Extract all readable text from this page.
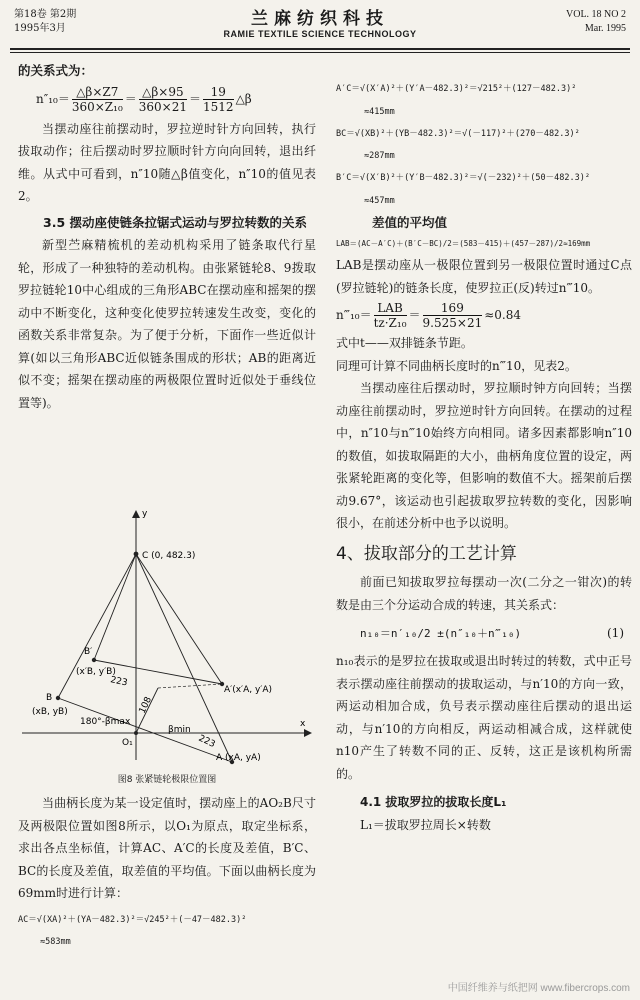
第18卷 第2期
1995年3月	兰麻纺织科技
RAMIE TEXTILE SCIENCE TECHNOLOGY
VOL. 18 NO 2
Mar. 1995

的关系式为：

$n''_{10}= \frac{\triangle\beta\times Z7}{\text{360×Z₁₀}} = \frac{\triangle\beta\times 95}{360\times 21} = \frac{19}{1512}$ △β

当摆动座往前摆动时，罗拉逆时针方向回转，执行拔取动作；往后摆动时罗拉顺时针方向向回转，退出纤维。从式中可看到，n″10随△β值变化，n″10的值见表2。

3.5 摆动座使链条拉锯式运动与罗拉转数的关系

新型苎麻精梳机的差动机构采用了链条取代行星轮，形成了一种独特的差动机构。由张紧链轮8、9拨取罗拉链轮10中心组成的三角形ABC在摆动座和摇架的摆动中不断变化，这种变化使罗拉转速发生改变，变化的函数关系非常复杂。为了便于分析，下面作一些近似计算(如以三角形ABC近似链条围成的形状；AB的距离近似不变；摇架在摆动座的两极限位置时近似处于垂线位置等)。

y
x
C (0, 482.3)
B′
(x′B, y′B)
B
(xB, yB)
A′(x′A, y′A)
A (xA, yA)
O₁
180°-βmax
βmin
108
223
223
图8 张紧链轮极限位置图

当曲柄长度为某一设定值时，摆动座上的AO₂B尺寸及两极限位置如图8所示，以O₁为原点，取定坐标系，求出各点坐标值，计算AC、A′C的长度及差值，B′C、BC的长度及差值，取差值的平均值。下面以曲柄长度为69mm时进行计算：

AC＝√(XA)²＋(YA－482.3)²＝√245²＋(－47－482.3)²
≈583mm
A′C＝√(X′A)²＋(Y′A－482.3)²＝√215²＋(127－482.3)²
≈415mm
BC＝√(XB)²＋(YB－482.3)²＝√(－117)²＋(270－482.3)²
≈287mm
B′C＝√(X′B)²＋(Y′B－482.3)²＝√(－232)²＋(50－482.3)²
≈457mm

差值的平均值

LAB＝(AC－A′C)＋(B′C－BC)/2＝(583－415)＋(457－287)/2≈169mm

LAB是摆动座从一极限位置到另一极限位置时通过C点(罗拉链轮)的链条长度，使罗拉正(反)转过n‴10。

n‴₁₀＝ $\frac{\text{LAB}}{\text{tz·Z₁₀}} = \frac{169}{9.525\times 21} \approx 0.84$

式中t——双排链条节距。

同理可计算不同曲柄长度时的n‴10，见表2。

当摆动座往后摆动时，罗拉顺时钟方向回转；当摆动座往前摆动时，罗拉逆时针方向回转。在摆动的过程中，n″10与n‴10始终方向相同。诸多因素都影响n″10的数值，如拔取隔距的大小，曲柄角度位置的设定，两张紧轮距离的变化等，但影响的数值不大。摇架前后摆动9.67°，该运动也引起拔取罗拉转数的变化，因影响很小，在前述分析中也予以说明。

4、拔取部分的工艺计算

前面已知拔取罗拉每摆动一次(二分之一钳次)的转数是由三个分运动合成的转速，其关系式：

n₁₀＝n′₁₀/2 ±(n″₁₀＋n‴₁₀)	(1)

n₁₀表示的是罗拉在拔取或退出时转过的转数，式中正号表示摆动座往前摆动的拔取运动，与n′10的方向一致，两运动相加合成，负号表示摆动座往后摆动的退出运动，与n′10的方向相反，两运动相减合成，这样就使n10产生了转数不同的正、反转，这正是该机构所需的。

4.1 拔取罗拉的拔取长度L₁

L₁＝拔取罗拉周长×转数

中国纤维养与纸把网 www.fibercrops.com
